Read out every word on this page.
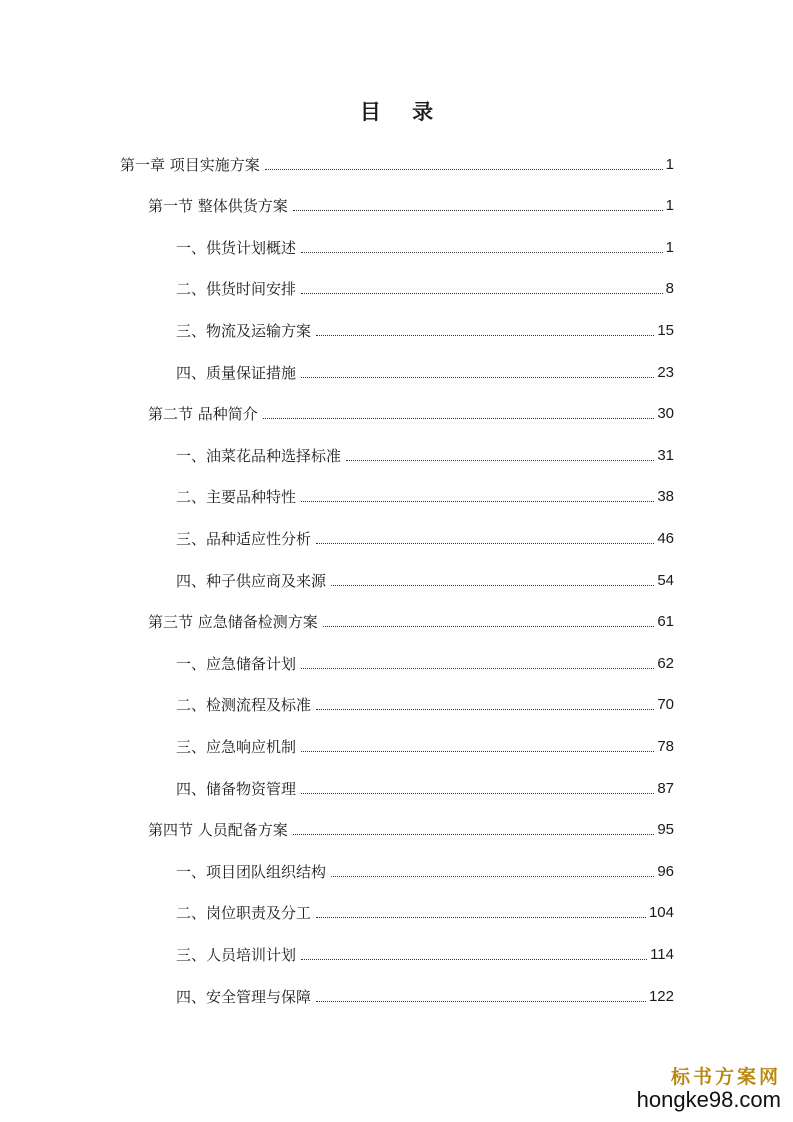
目 录
第一章 项目实施方案	1
第一节 整体供货方案	1
一、供货计划概述	1
二、供货时间安排	8
三、物流及运输方案	15
四、质量保证措施	23
第二节 品种简介	30
一、油菜花品种选择标准	31
二、主要品种特性	38
三、品种适应性分析	46
四、种子供应商及来源	54
第三节 应急储备检测方案	61
一、应急储备计划	62
二、检测流程及标准	70
三、应急响应机制	78
四、储备物资管理	87
第四节 人员配备方案	95
一、项目团队组织结构	96
二、岗位职责及分工	104
三、人员培训计划	114
四、安全管理与保障	122
标书方案网
hongke98.com
